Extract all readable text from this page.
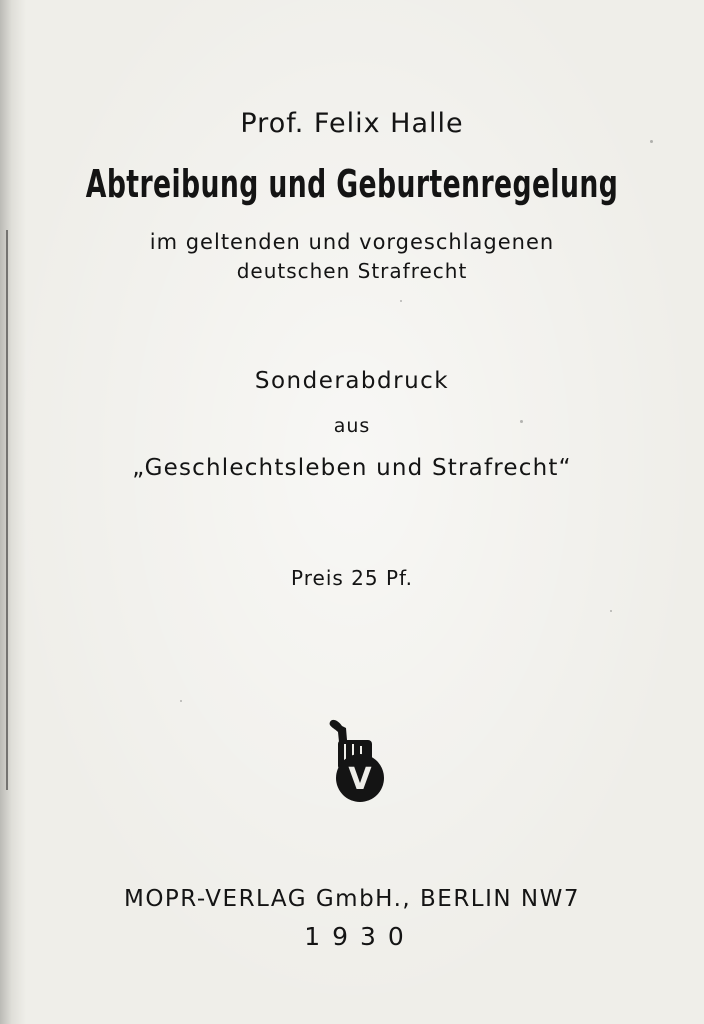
Prof. Felix Halle
Abtreibung und Geburtenregelung
im geltenden und vorgeschlagenen
deutschen Strafrecht
Sonderabdruck
aus
„Geschlechtsleben und Strafrecht“
Preis 25 Pf.
V
MOPR-VERLAG GmbH., BERLIN NW7
1930
